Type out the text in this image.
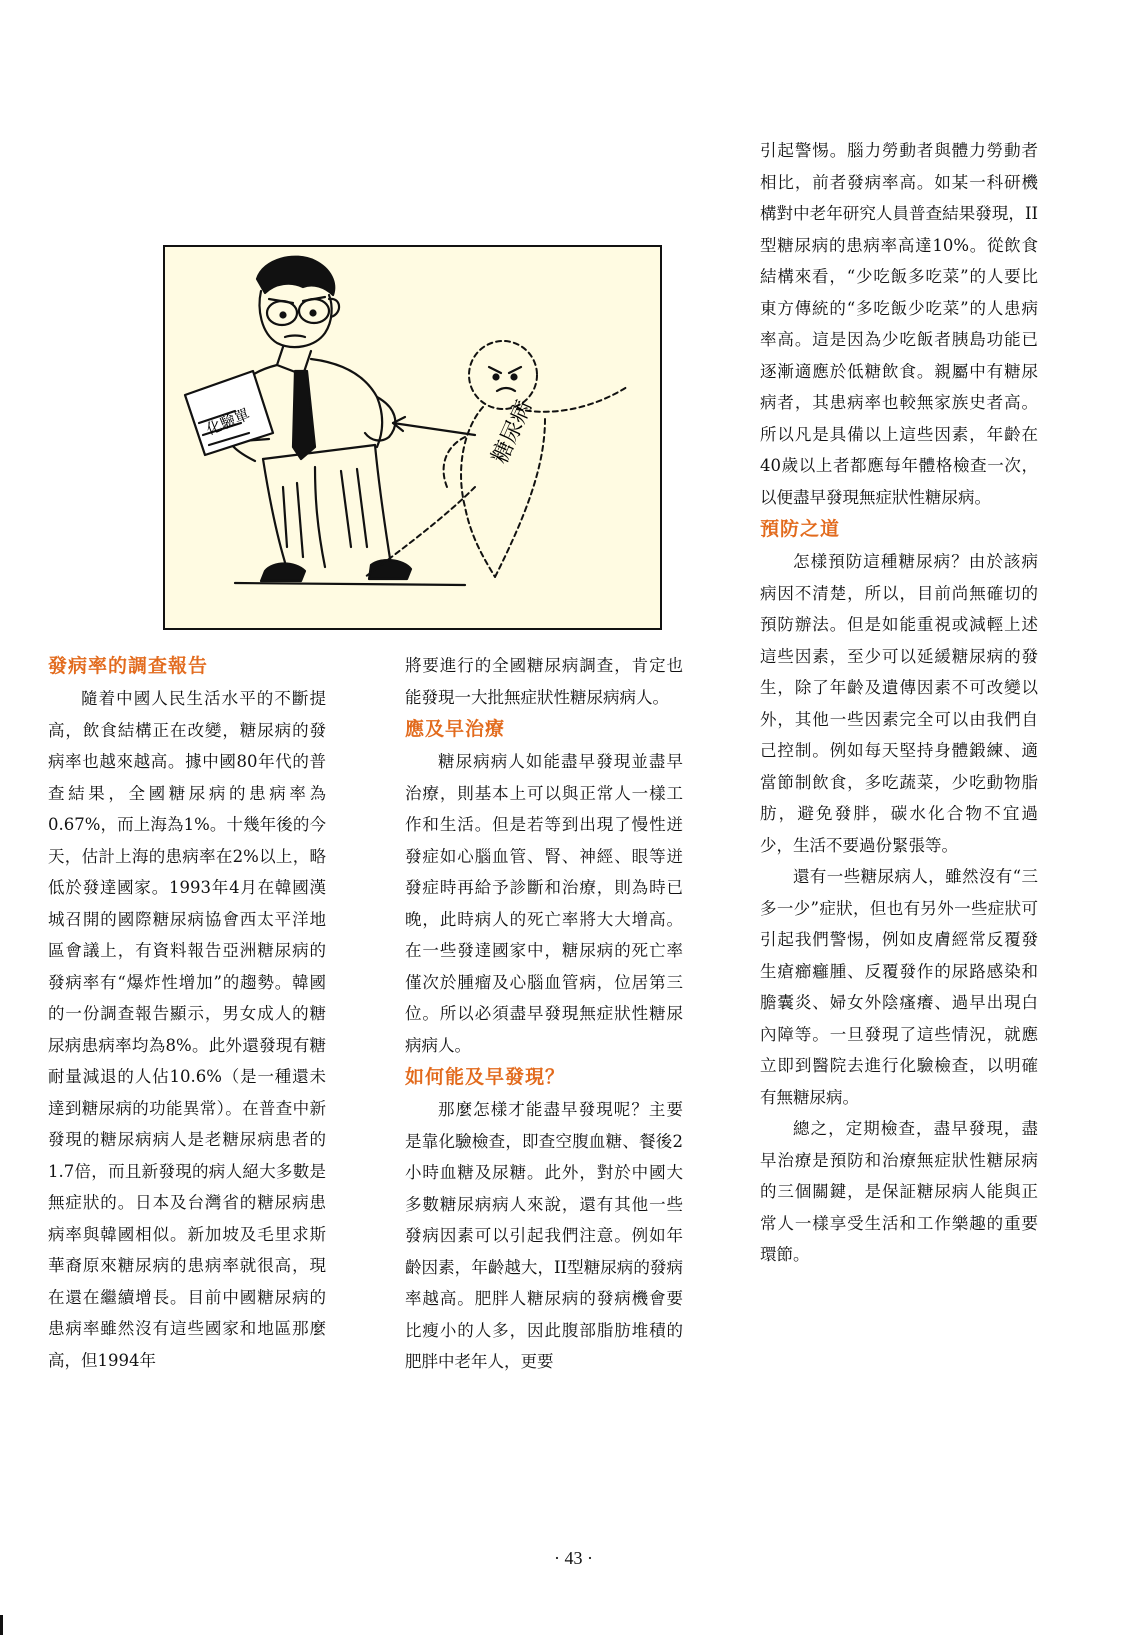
化驗單	糖尿病
發病率的調查報告

隨着中國人民生活水平的不斷提高，飲食結構正在改變，糖尿病的發病率也越來越高。據中國80年代的普查結果，全國糖尿病的患病率為0.67%，而上海為1%。十幾年後的今天，估計上海的患病率在2%以上，略低於發達國家。1993年4月在韓國漢城召開的國際糖尿病協會西太平洋地區會議上，有資料報告亞洲糖尿病的發病率有“爆炸性增加”的趨勢。韓國的一份調查報告顯示，男女成人的糖尿病患病率均為8%。此外還發現有糖耐量減退的人佔10.6%（是一種還未達到糖尿病的功能異常）。在普查中新發現的糖尿病病人是老糖尿病患者的1.7倍，而且新發現的病人絕大多數是無症狀的。日本及台灣省的糖尿病患病率與韓國相似。新加坡及毛里求斯華裔原來糖尿病的患病率就很高，現在還在繼續增長。目前中國糖尿病的患病率雖然沒有這些國家和地區那麼高，但1994年

將要進行的全國糖尿病調查，肯定也能發現一大批無症狀性糖尿病病人。

應及早治療

糖尿病病人如能盡早發現並盡早治療，則基本上可以與正常人一樣工作和生活。但是若等到出現了慢性迸發症如心腦血管、腎、神經、眼等迸發症時再給予診斷和治療，則為時已晚，此時病人的死亡率將大大增高。在一些發達國家中，糖尿病的死亡率僅次於腫瘤及心腦血管病，位居第三位。所以必須盡早發現無症狀性糖尿病病人。

如何能及早發現？

那麼怎樣才能盡早發現呢？主要是靠化驗檢查，即查空腹血糖、餐後2小時血糖及尿糖。此外，對於中國大多數糖尿病病人來說，還有其他一些發病因素可以引起我們注意。例如年齡因素，年齡越大，II型糖尿病的發病率越高。肥胖人糖尿病的發病機會要比瘦小的人多，因此腹部脂肪堆積的肥胖中老年人，更要

引起警惕。腦力勞動者與體力勞動者相比，前者發病率高。如某一科研機構對中老年研究人員普查結果發現，II型糖尿病的患病率高達10%。從飲食結構來看，“少吃飯多吃菜”的人要比東方傳統的“多吃飯少吃菜”的人患病率高。這是因為少吃飯者胰島功能已逐漸適應於低糖飲食。親屬中有糖尿病者，其患病率也較無家族史者高。所以凡是具備以上這些因素，年齡在40歲以上者都應每年體格檢查一次，以便盡早發現無症狀性糖尿病。

預防之道

怎樣預防這種糖尿病？由於該病病因不清楚，所以，目前尚無確切的預防辦法。但是如能重視或減輕上述這些因素，至少可以延緩糖尿病的發生，除了年齡及遺傳因素不可改變以外，其他一些因素完全可以由我們自己控制。例如每天堅持身體鍛練、適當節制飲食，多吃蔬菜，少吃動物脂肪，避免發胖，碳水化合物不宜過少，生活不要過份緊張等。

還有一些糖尿病人，雖然沒有“三多一少”症狀，但也有另外一些症狀可引起我們警惕，例如皮膚經常反覆發生瘡癤癰腫、反覆發作的尿路感染和膽囊炎、婦女外陰瘙癢、過早出現白內障等。一旦發現了這些情況，就應立即到醫院去進行化驗檢查，以明確有無糖尿病。

總之，定期檢查，盡早發現，盡早治療是預防和治療無症狀性糖尿病的三個關鍵，是保証糖尿病人能與正常人一樣享受生活和工作樂趣的重要環節。

· 43 ·
